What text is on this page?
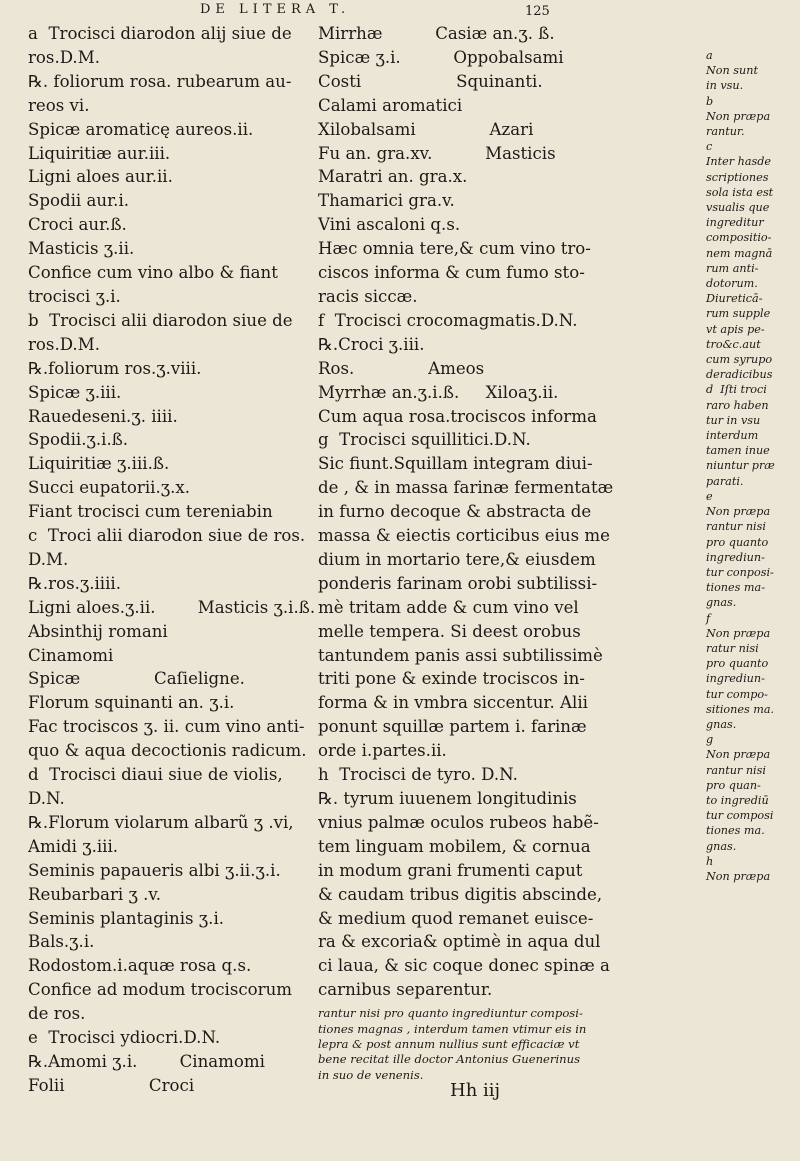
DE LITERA T.	125
a  Trocisci diarodon alij siue de
ros.D.M.
℞. foliorum rosa. rubearum au-
reos vi.
Spicæ aromaticę aureos.ii.
Liquiritiæ aur.iii.
Ligni aloes aur.ii.
Spodii aur.i.
Croci aur.ß.
Masticis ʒ.ii.
Confice cum vino albo & fiant
trocisci ʒ.i.
b  Trocisci alii diarodon siue de
ros.D.M.
℞.foliorum ros.ʒ.viii.
Spicæ ʒ.iii.
Rauedeseni.ʒ. iiii.
Spodii.ʒ.i.ß.
Liquiritiæ ʒ.iii.ß.
Succi eupatorii.ʒ.x.
Fiant trocisci cum tereniabin
c  Troci alii diarodon siue de ros.
D.M.
℞.ros.ʒ.iiii.
Ligni aloes.ʒ.ii.        Masticis ʒ.i.ß.
Absinthij romani
Cinamomi
Spicæ              Caſieligne.
Florum squinanti an. ʒ.i.
Fac trociscos ʒ. ii. cum vino anti-
quo & aqua decoctionis radicum.
d  Trocisci diaui siue de violis,
D.N.
℞.Florum violarum albarũ ʒ .vi,
Amidi ʒ.iii.
Seminis papaueris albi ʒ.ii.ʒ.i.
Reubarbari ʒ .v.
Seminis plantaginis ʒ.i.
Bals.ʒ.i.
Rodostom.i.aquæ rosa q.s.
Confice ad modum trociscorum
de ros.
e  Trocisci ydiocri.D.N.
℞.Amomi ʒ.i.        Cinamomi
Folii                Croci
Mirrhæ          Casiæ an.ʒ. ß.
Spicæ ʒ.i.          Oppobalsami
Costi                  Squinanti.
Calami aromatici
Xilobalsami              Azari
Fu an. gra.xv.          Masticis
Maratri an. gra.x.
Thamarici gra.v.
Vini ascaloni q.s.
Hæc omnia tere,& cum vino tro-
ciscos informa & cum fumo sto-
racis siccæ.
f  Trocisci crocomagmatis.D.N.
℞.Croci ʒ.iii.
Ros.              Ameos
Myrrhæ an.ʒ.i.ß.     Xiloaʒ.ii.
Cum aqua rosa.trociscos informa
g  Trocisci squillitici.D.N.
Sic fiunt.Squillam integram diui-
de , & in massa farinæ fermentatæ
in furno decoque & abstracta de
massa & eiectis corticibus eius me
dium in mortario tere,& eiusdem
ponderis farinam orobi subtilissi-
mè tritam adde & cum vino vel
melle tempera. Si deest orobus
tantundem panis assi subtilissimè
triti pone & exinde trociscos in-
forma & in vmbra siccentur. Alii
ponunt squillæ partem i. farinæ
orde i.partes.ii.
h  Trocisci de tyro. D.N.
℞. tyrum iuuenem longitudinis
vnius palmæ oculos rubeos habẽ-
tem linguam mobilem, & cornua
in modum grani frumenti caput
& caudam tribus digitis abscinde,
& medium quod remanet euisce-
ra & excoria& optimè in aqua dul
ci laua, & sic coque donec spinæ a
carnibus separentur.
rantur nisi pro quanto ingrediuntur composi-
tiones magnas , interdum tamen vtimur eis in
lepra & post annum nullius sunt efficaciæ vt
bene recitat ille doctor Antonius Guenerinus
in suo de venenis.
a
Non sunt
in vsu.
b
Non præpa
rantur.
c
Inter hasde
scriptiones
sola ista est
vsualis que
ingreditur
compositio-
nem magnā
rum anti-
dotorum.
Diureticā-
rum supple
vt apis pe-
tro&c.aut
cum syrupo
deradicibus
d  Iſti troci
raro haben
tur in vsu
interdum
tamen inue
niuntur præ
parati.
e
Non præpa
rantur nisi
pro quanto
ingrediun-
tur conposi-
tiones ma-
gnas.
f
Non præpa
ratur nisi
pro quanto
ingrediun-
tur compo-
sitiones ma.
gnas.
g
Non præpa
rantur nisi
pro quan-
to ingrediū
tur composi
tiones ma.
gnas.
h
Non præpa
Hh iij
